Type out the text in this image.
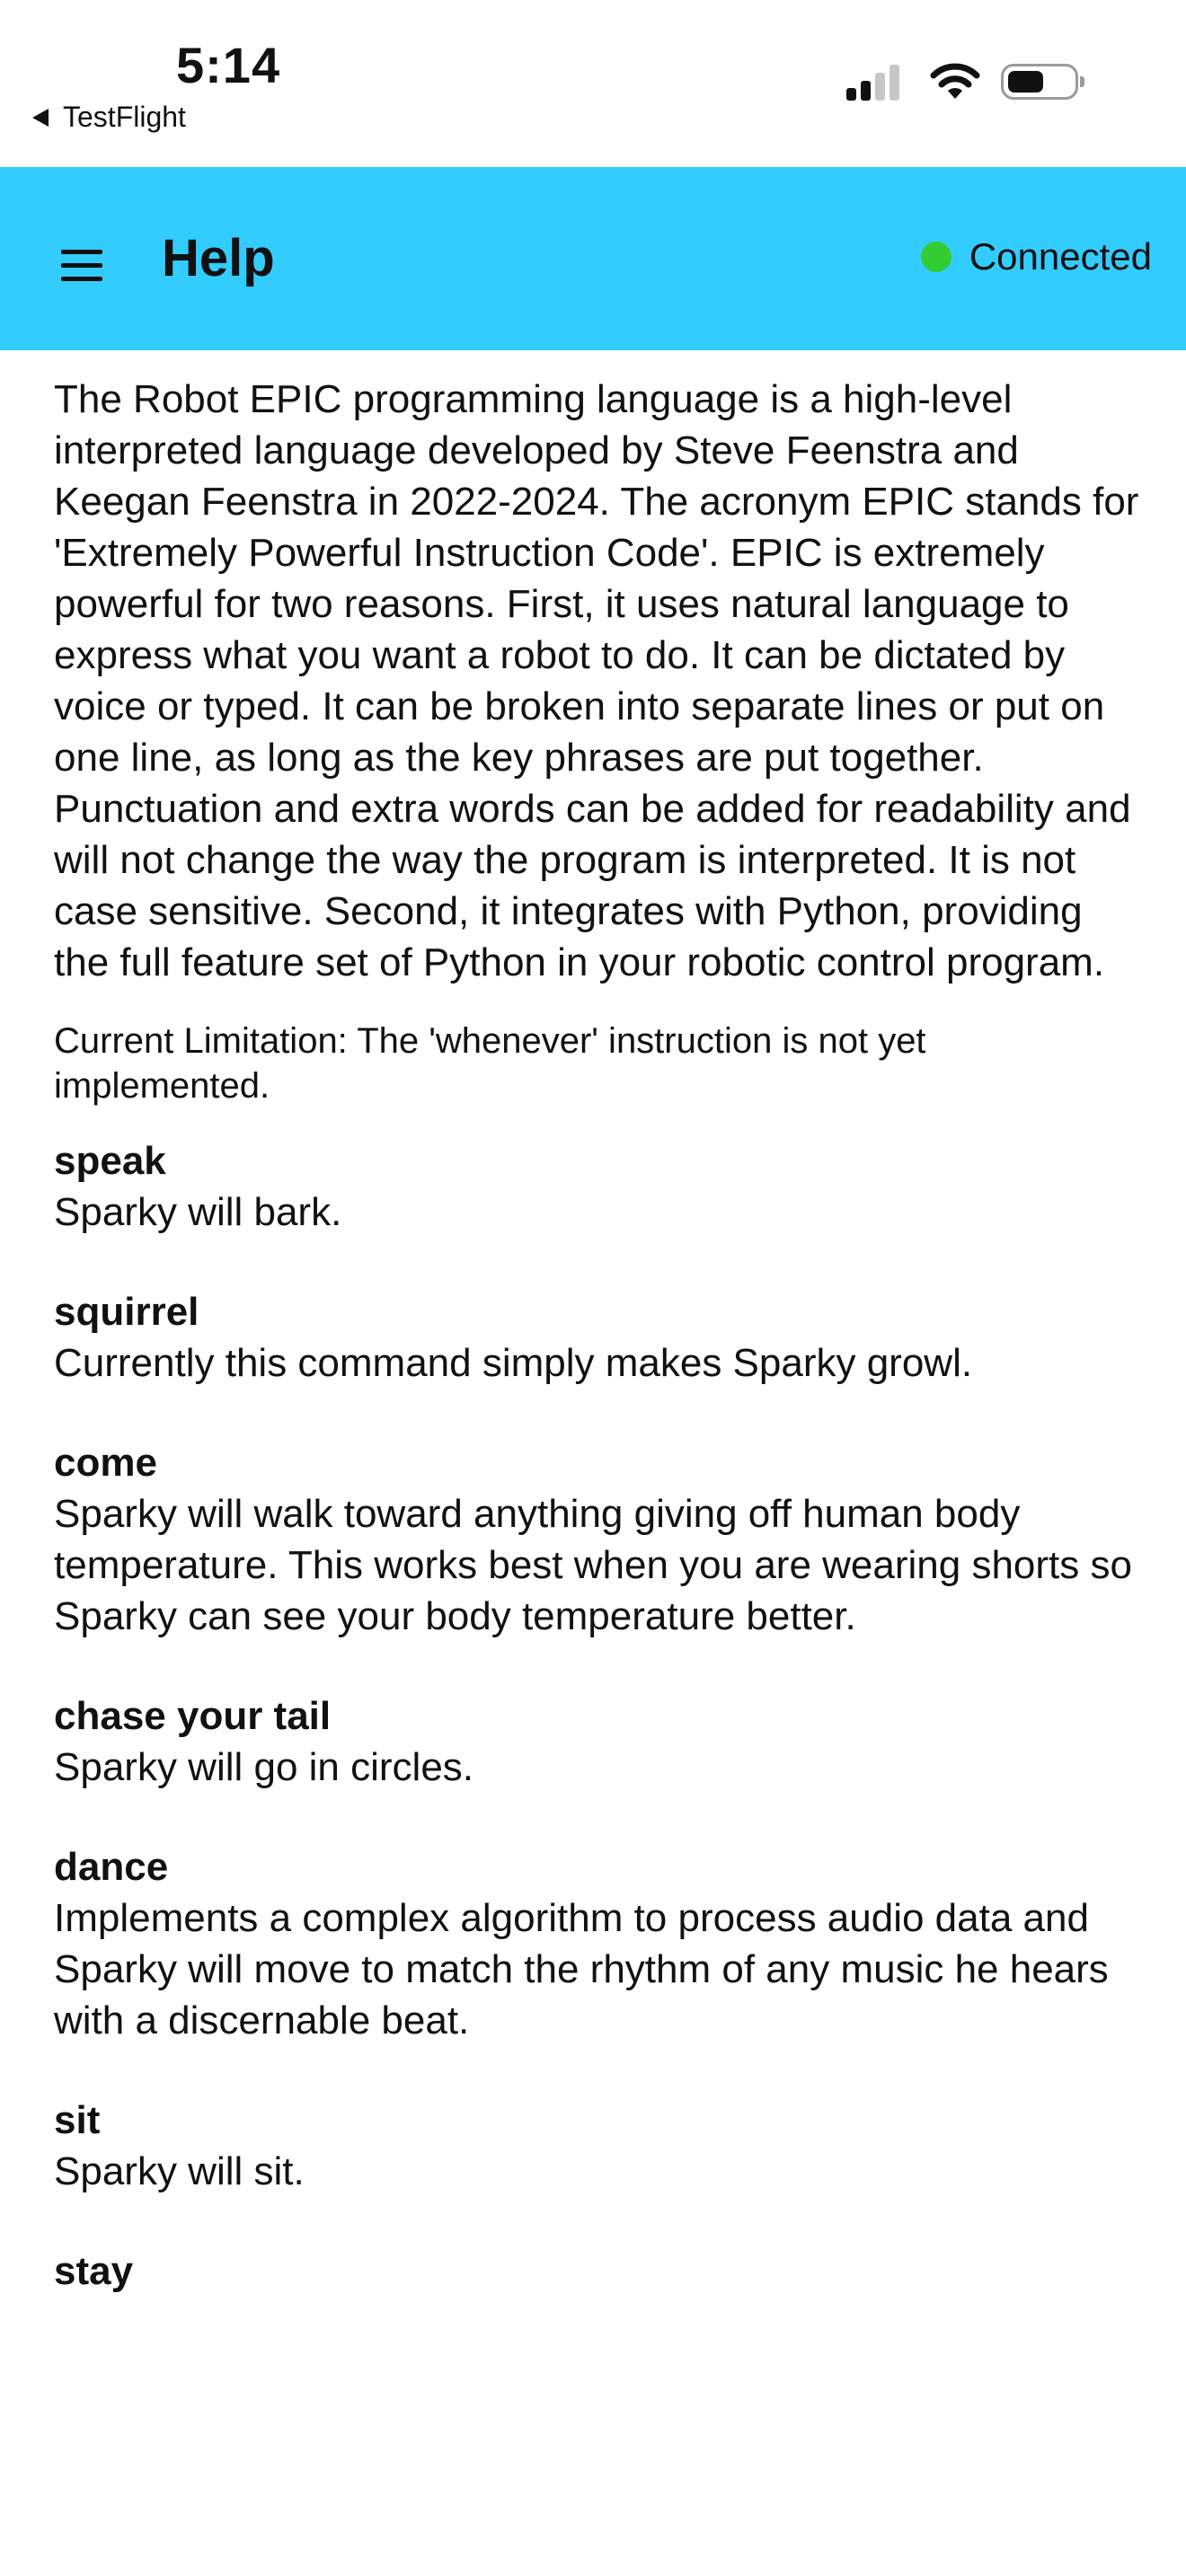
5:14
TestFlight
Help	Connected

The Robot EPIC programming language is a high-level interpreted language developed by Steve Feenstra and Keegan Feenstra in 2022-2024. The acronym EPIC stands for 'Extremely Powerful Instruction Code'. EPIC is extremely powerful for two reasons. First, it uses natural language to express what you want a robot to do. It can be dictated by voice or typed. It can be broken into separate lines or put on one line, as long as the key phrases are put together. Punctuation and extra words can be added for readability and will not change the way the program is interpreted. It is not case sensitive. Second, it integrates with Python, providing the full feature set of Python in your robotic control program.

Current Limitation: The 'whenever' instruction is not yet implemented.

speak
Sparky will bark.
squirrel
Currently this command simply makes Sparky growl.
come
Sparky will walk toward anything giving off human body temperature. This works best when you are wearing shorts so Sparky can see your body temperature better.
chase your tail
Sparky will go in circles.
dance
Implements a complex algorithm to process audio data and Sparky will move to match the rhythm of any music he hears with a discernable beat.
sit
Sparky will sit.
stay
